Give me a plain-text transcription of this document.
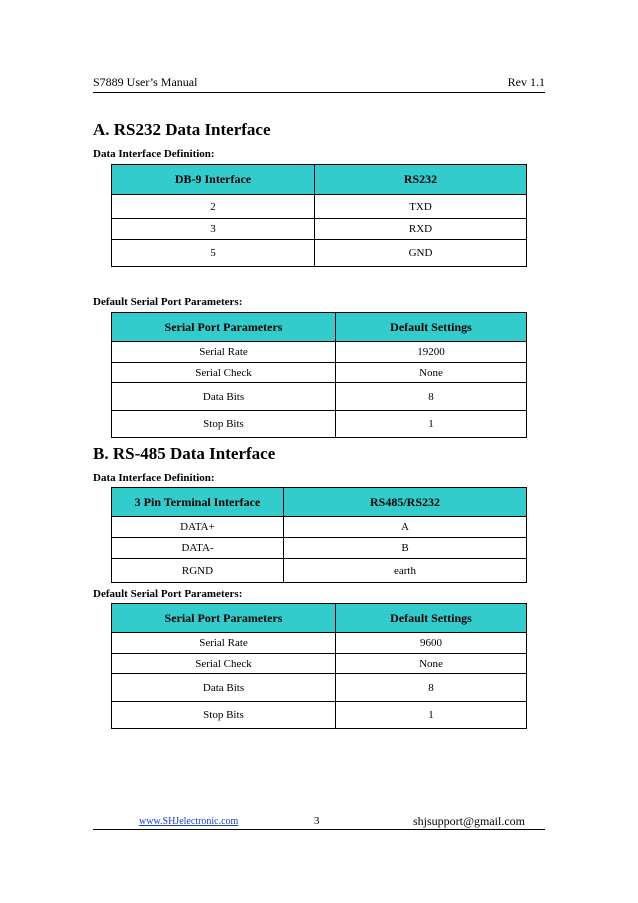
S7889 User’s Manual	Rev 1.1
A. RS232 Data Interface
Data Interface Definition:
DB-9 Interface	RS232
2	TXD
3	RXD
5	GND
Default Serial Port Parameters:
Serial Port Parameters	Default Settings
Serial Rate	19200
Serial Check	None
Data Bits	8
Stop Bits	1
B. RS-485 Data Interface
Data Interface Definition:
3 Pin Terminal Interface	RS485/RS232
DATA+	A
DATA-	B
RGND	earth
Default Serial Port Parameters:
Serial Port Parameters	Default Settings
Serial Rate	9600
Serial Check	None
Data Bits	8
Stop Bits	1
www.SHJelectronic.com	3	shjsupport@gmail.com
